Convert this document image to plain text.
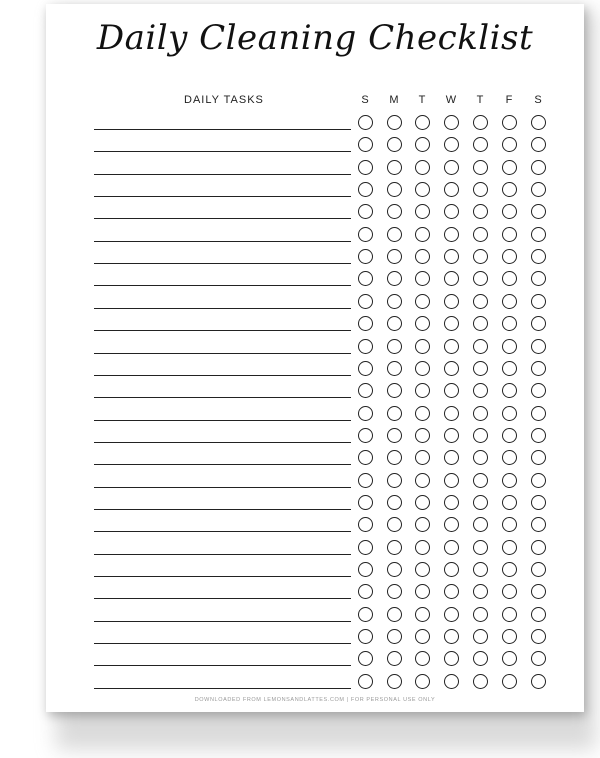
Daily Cleaning Checklist
DAILY TASKS	S	M	T	W	T	F	S
DOWNLOADED FROM LEMONSANDLATTES.COM | FOR PERSONAL USE ONLY
